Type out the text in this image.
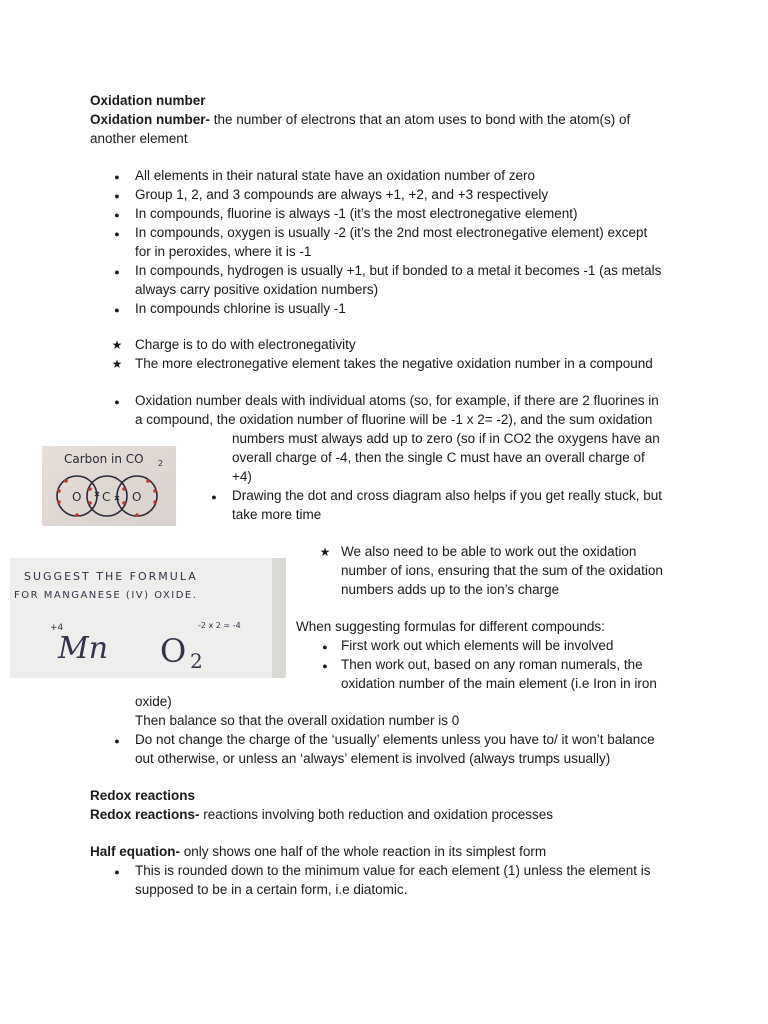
Oxidation number
Oxidation number- the number of electrons that an atom uses to bond with the atom(s) of
another element
●
All elements in their natural state have an oxidation number of zero
●
Group 1, 2, and 3 compounds are always +1, +2, and +3 respectively
●
In compounds, fluorine is always -1 (it’s the most electronegative element)
●
In compounds, oxygen is usually -2 (it’s the 2nd most electronegative element) except
for in peroxides, where it is -1
●
In compounds, hydrogen is usually +1, but if bonded to a metal it becomes -1 (as metals
always carry positive oxidation numbers)
●
In compounds chlorine is usually -1
★
Charge is to do with electronegativity
★
The more electronegative element takes the negative oxidation number in a compound
●
Oxidation number deals with individual atoms (so, for example, if there are 2 fluorines in
a compound, the oxidation number of fluorine will be -1 x 2= -2), and the sum oxidation
numbers must always add up to zero (so if in CO2 the oxygens have an
overall charge of -4, then the single C must have an overall charge of
+4)
Carbon in CO 2
O C O
●	Drawing the dot and cross diagram also helps if you get really stuck, but
take more time
SUGGEST THE FORMULA
FOR MANGANESE (IV) OXIDE.
+4
Mn
-2 x 2 = -4
O 2
★
We also need to be able to work out the oxidation
number of ions, ensuring that the sum of the oxidation
numbers adds up to the ion’s charge
When suggesting formulas for different compounds:
●
First work out which elements will be involved
●
Then work out, based on any roman numerals, the
oxidation number of the main element (i.e Iron in iron
oxide)
Then balance so that the overall oxidation number is 0
●
Do not change the charge of the ‘usually’ elements unless you have to/ it won’t balance
out otherwise, or unless an ‘always’ element is involved (always trumps usually)
Redox reactions
Redox reactions- reactions involving both reduction and oxidation processes
Half equation- only shows one half of the whole reaction in its simplest form
●
This is rounded down to the minimum value for each element (1) unless the element is
supposed to be in a certain form, i.e diatomic.
